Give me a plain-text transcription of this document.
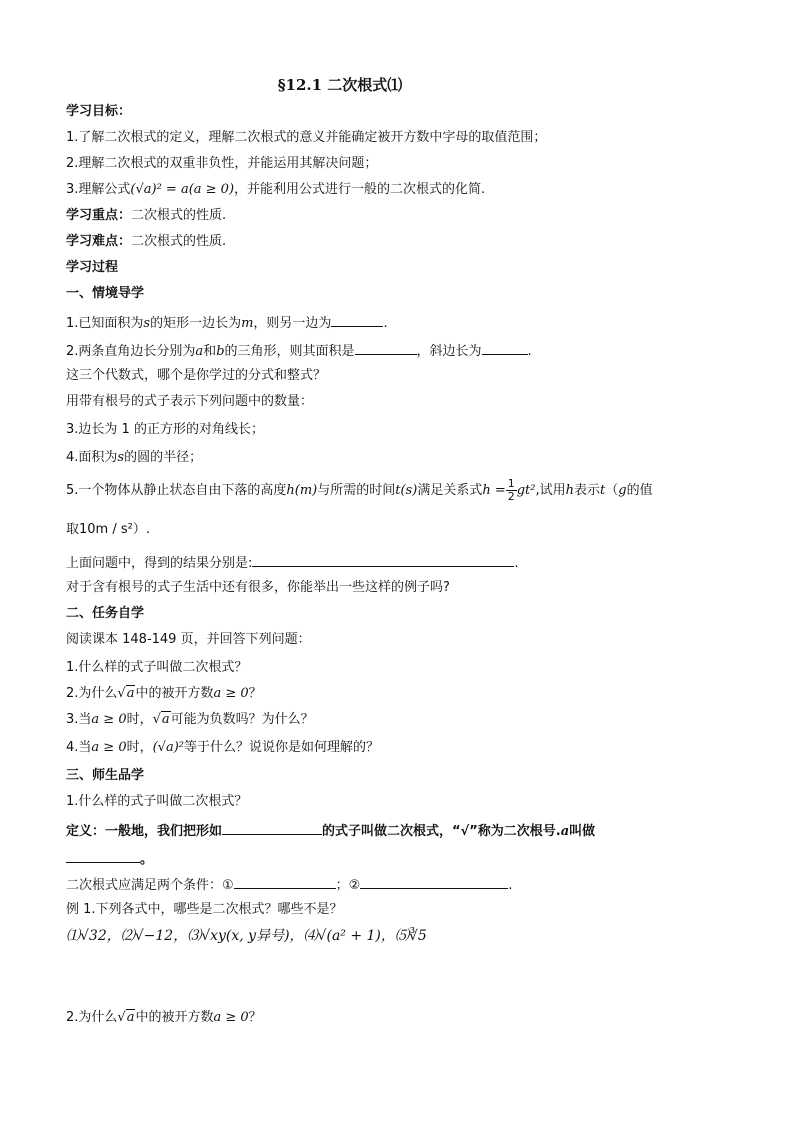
§12.1 二次根式⑴
学习目标：
1.了解二次根式的定义，理解二次根式的意义并能确定被开方数中字母的取值范围；
2.理解二次根式的双重非负性，并能运用其解决问题；
3.理解公式(√a)² = a(a ≥ 0)，并能利用公式进行一般的二次根式的化简.
学习重点：二次根式的性质.
学习难点：二次根式的性质.
学习过程
一、情境导学
1.已知面积为s的矩形一边长为m，则另一边为	.
2.两条直角边长分别为a和b的三角形，则其面积是	，斜边长为	.
这三个代数式，哪个是你学过的分式和整式？
用带有根号的式子表示下列问题中的数量：
3.边长为 1 的正方形的对角线长；
4.面积为s的圆的半径；
5.一个物体从静止状态自由下落的高度h(m)与所需的时间t(s)满足关系式$h = \frac{1}{2} gt^2$,试用h表示t（g的值
取10m / s²）.
上面问题中，得到的结果分别是:	.
对于含有根号的式子生活中还有很多，你能举出一些这样的例子吗?
二、任务自学
阅读课本 148-149 页，并回答下列问题：
1.什么样的式子叫做二次根式？
2.为什么√a中的被开方数a ≥ 0？
3.当a ≥ 0时，√a可能为负数吗？为什么？
4.当a ≥ 0时，(√a)²等于什么？说说你是如何理解的？
三、师生品学
1.什么样的式子叫做二次根式？
定义：一般地，我们把形如	的式子叫做二次根式，“√”称为二次根号.a叫做
。
二次根式应满足两个条件：①	；②	.
例 1.下列各式中，哪些是二次根式？哪些不是？
⑴√32，⑵√−12，⑶√xy(x, y异号)，⑷√(a² + 1)，⑸∛5
2.为什么√a中的被开方数a ≥ 0？
